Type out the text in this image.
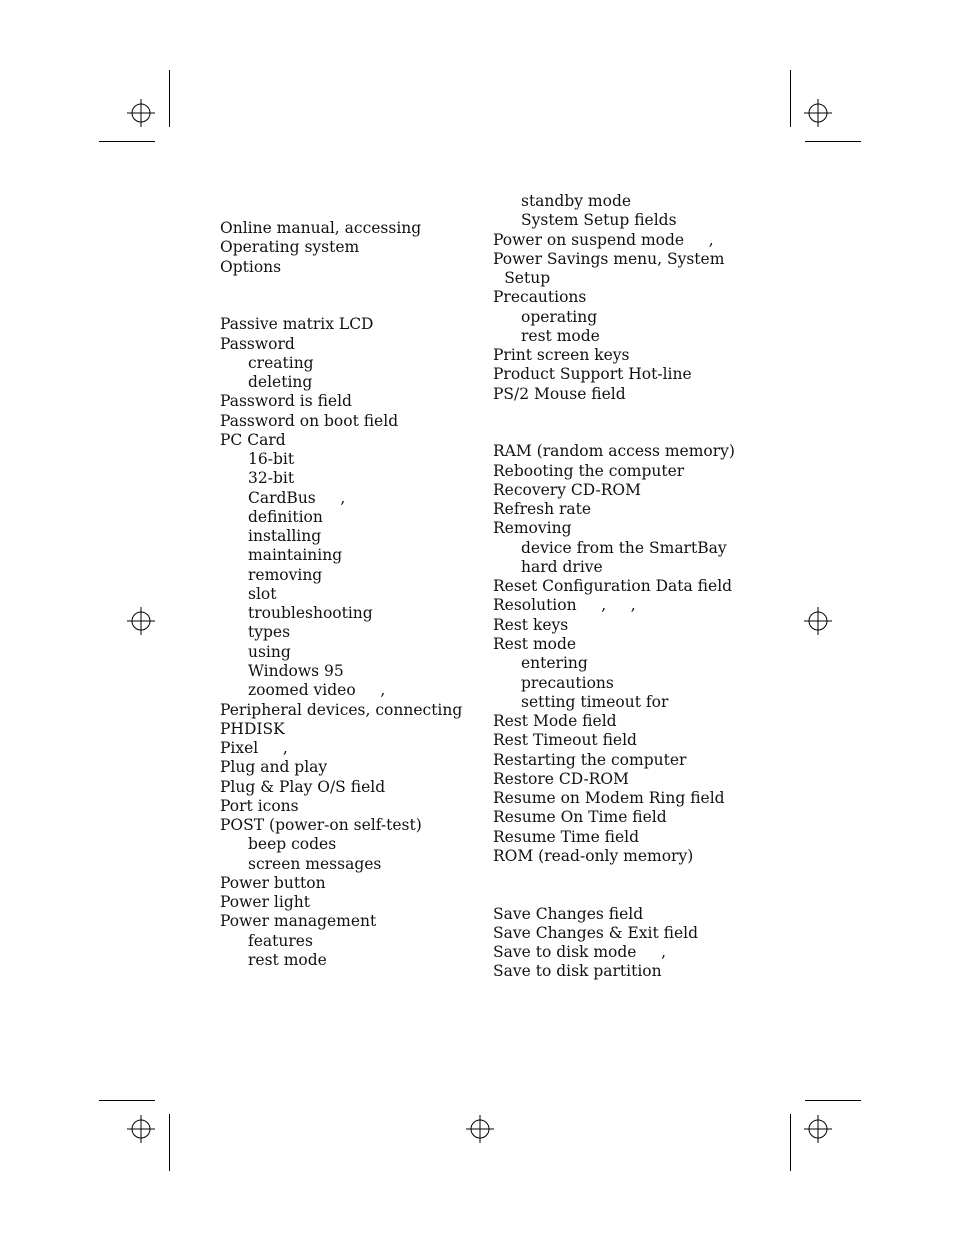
Online manual, accessing
Operating system
Options
Passive matrix LCD
Password
creating
deleting
Password is field
Password on boot field
PC Card
16-bit
32-bit
CardBus     ,
definition
installing
maintaining
removing
slot
troubleshooting
types
using
Windows 95
zoomed video     ,
Peripheral devices, connecting
PHDISK
Pixel     ,
Plug and play
Plug & Play O/S field
Port icons
POST (power-on self-test)
beep codes
screen messages
Power button
Power light
Power management
features
rest mode
standby mode
System Setup fields
Power on suspend mode     ,
Power Savings menu, System
Setup
Precautions
operating
rest mode
Print screen keys
Product Support Hot-line
PS/2 Mouse field
RAM (random access memory)
Rebooting the computer
Recovery CD-ROM
Refresh rate
Removing
device from the SmartBay
hard drive
Reset Configuration Data field
Resolution     ,     ,
Rest keys
Rest mode
entering
precautions
setting timeout for
Rest Mode field
Rest Timeout field
Restarting the computer
Restore CD-ROM
Resume on Modem Ring field
Resume On Time field
Resume Time field
ROM (read-only memory)
Save Changes field
Save Changes & Exit field
Save to disk mode     ,
Save to disk partition
